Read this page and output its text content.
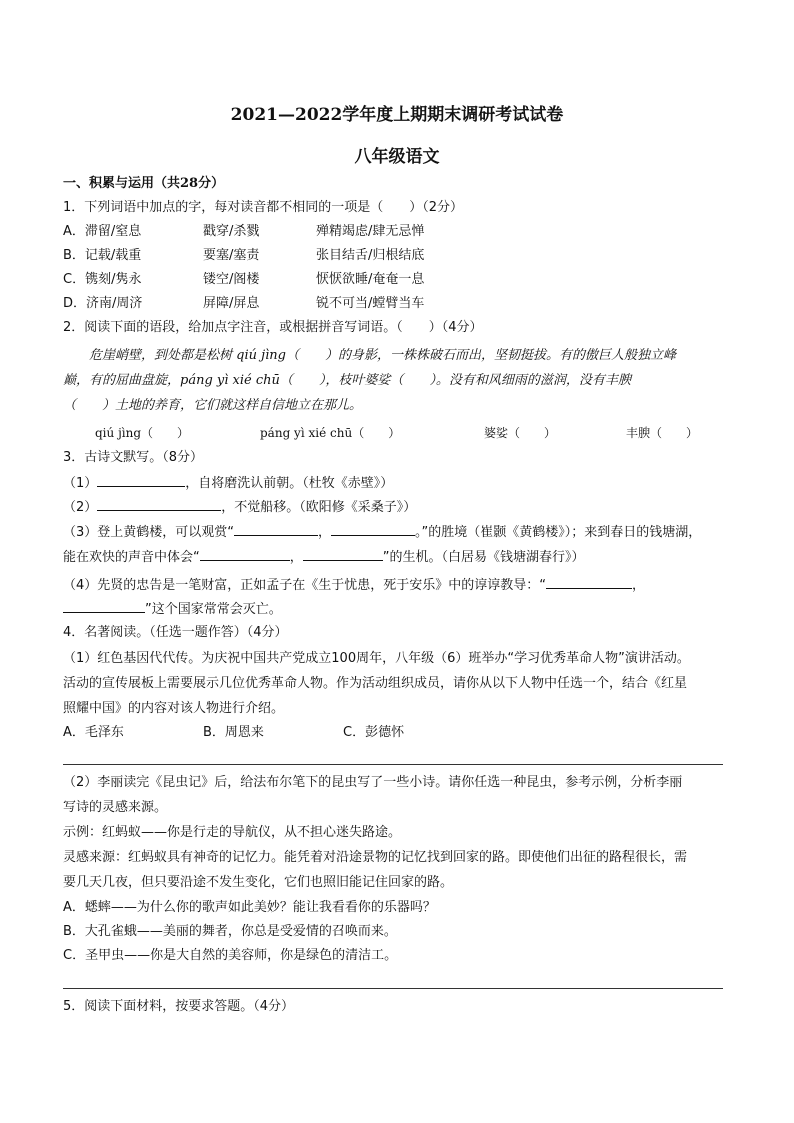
2021—2022学年度上期期末调研考试试卷
八年级语文
一、积累与运用（共28分）
1．下列词语中加点的字，每对读音都不相同的一项是（　　）（2分）
A．滞留/窒息	戳穿/杀戮	殚精竭虑/肆无忌惮
B．记载/载重	要塞/塞责	张目结舌/归根结底
C．镌刻/隽永	镂空/阁楼	恹恹欲睡/奄奄一息
D．济南/周济	屏障/屏息	锐不可当/螳臂当车
2．阅读下面的语段，给加点字注音，或根据拼音写词语。（　　）（4分）
危崖峭壁，到处都是松树 qiú jìng（　　）的身影，一株株破石而出，坚韧挺拔。有的傲巨人般独立峰
巅，有的屈曲盘旋，páng yì xié chū（　　），枝叶婆娑（　　）。没有和风细雨的滋润，没有丰腴
（　　）土地的养育，它们就这样自信地立在那儿。
qiú jìng（　　）	páng yì xié chū（　　）	婆娑（　　）	丰腴（　　）
3．古诗文默写。（8分）
（1）	，自将磨洗认前朝。（杜牧《赤壁》）
（2）	，不觉船移。（欧阳修《采桑子》）
（3）登上黄鹤楼，可以观赏“	，	。”的胜境（崔颢《黄鹤楼》）；来到春日的钱塘湖，
能在欢快的声音中体会“	，	”的生机。（白居易《钱塘湖春行》）
（4）先贤的忠告是一笔财富，正如孟子在《生于忧患，死于安乐》中的谆谆教导：“	，
”这个国家常常会灭亡。
4．名著阅读。（任选一题作答）（4分）
（1）红色基因代代传。为庆祝中国共产党成立100周年，八年级（6）班举办“学习优秀革命人物”演讲活动。
活动的宣传展板上需要展示几位优秀革命人物。作为活动组织成员，请你从以下人物中任选一个，结合《红星
照耀中国》的内容对该人物进行介绍。
A．毛泽东	B．周恩来	C．彭德怀
（2）李丽读完《昆虫记》后，给法布尔笔下的昆虫写了一些小诗。请你任选一种昆虫，参考示例，分析李丽
写诗的灵感来源。
示例：红蚂蚁——你是行走的导航仪，从不担心迷失路途。
灵感来源：红蚂蚁具有神奇的记忆力。能凭着对沿途景物的记忆找到回家的路。即使他们出征的路程很长，需
要几天几夜，但只要沿途不发生变化，它们也照旧能记住回家的路。
A．蟋蟀——为什么你的歌声如此美妙？能让我看看你的乐器吗？
B．大孔雀蛾——美丽的舞者，你总是受爱情的召唤而来。
C．圣甲虫——你是大自然的美容师，你是绿色的清洁工。
5．阅读下面材料，按要求答题。（4分）
